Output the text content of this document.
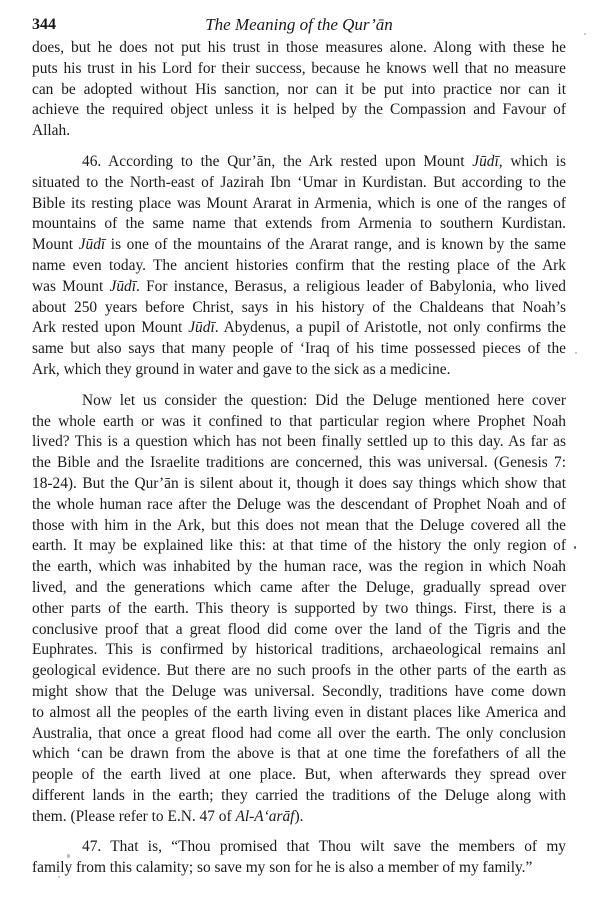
The Meaning of the Qur’ān
344
does, but he does not put his trust in those measures alone. Along with these he
puts his trust in his Lord for their success, because he knows well that no measure
can be adopted without His sanction, nor can it be put into practice nor can it
achieve the required object unless it is helped by the Compassion and Favour of
Allah.
46. According to the Qur’ān, the Ark rested upon Mount Jūdī, which is
situated to the North-east of Jazirah Ibn ‘Umar in Kurdistan. But according to the
Bible its resting place was Mount Ararat in Armenia, which is one of the ranges of
mountains of the same name that extends from Armenia to southern Kurdistan.
Mount Jūdī is one of the mountains of the Ararat range, and is known by the same
name even today. The ancient histories confirm that the resting place of the Ark
was Mount Jūdī. For instance, Berasus, a religious leader of Babylonia, who lived
about 250 years before Christ, says in his history of the Chaldeans that Noah’s
Ark rested upon Mount Jūdī. Abydenus, a pupil of Aristotle, not only confirms the
same but also says that many people of ‘Iraq of his time possessed pieces of the
Ark, which they ground in water and gave to the sick as a medicine.
Now let us consider the question: Did the Deluge mentioned here cover
the whole earth or was it confined to that particular region where Prophet Noah
lived? This is a question which has not been finally settled up to this day. As far as
the Bible and the Israelite traditions are concerned, this was universal. (Genesis 7:
18-24). But the Qur’ān is silent about it, though it does say things which show that
the whole human race after the Deluge was the descendant of Prophet Noah and of
those with him in the Ark, but this does not mean that the Deluge covered all the
earth. It may be explained like this: at that time of the history the only region of
the earth, which was inhabited by the human race, was the region in which Noah
lived, and the generations which came after the Deluge, gradually spread over
other parts of the earth. This theory is supported by two things. First, there is a
conclusive proof that a great flood did come over the land of the Tigris and the
Euphrates. This is confirmed by historical traditions, archaeological remains anl
geological evidence. But there are no such proofs in the other parts of the earth as
might show that the Deluge was universal. Secondly, traditions have come down
to almost all the peoples of the earth living even in distant places like America and
Australia, that once a great flood had come all over the earth. The only conclusion
which ‘can be drawn from the above is that at one time the forefathers of all the
people of the earth lived at one place. But, when afterwards they spread over
different lands in the earth; they carried the traditions of the Deluge along with
them. (Please refer to E.N. 47 of Al-A‘arāf).
47. That is, “Thou promised that Thou wilt save the members of my
family from this calamity; so save my son for he is also a member of my family.”
